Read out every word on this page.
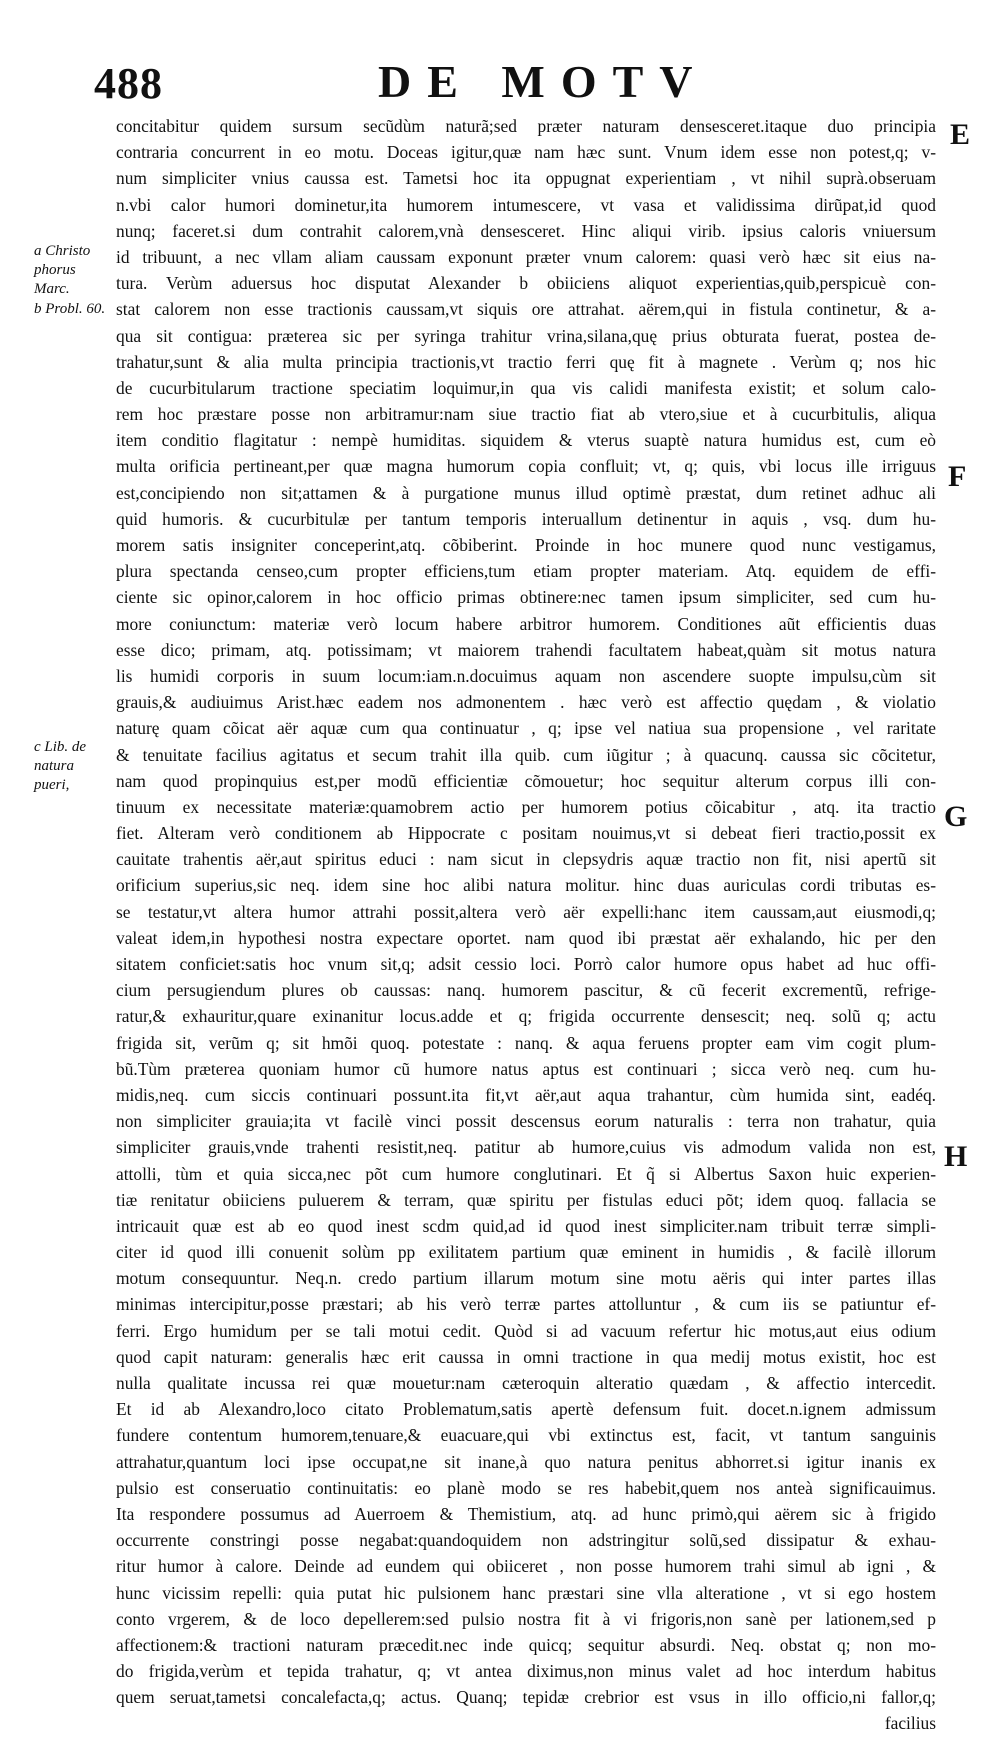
488	DE MOTV
a Christo phorus Marc.
b Probl. 60.
c Lib. de natura pueri,
E
F
G
H
concitabitur quidem sursum secũdùm naturã;sed præter naturam densesceret.itaque duo principia
contraria concurrent in eo motu. Doceas igitur,quæ nam hæc sunt. Vnum idem esse non potest,q; v-
num simpliciter vnius caussa est. Tametsi hoc ita oppugnat experientiam , vt nihil suprà.obseruam
n.vbi calor humori dominetur,ita humorem intumescere, vt vasa et validissima dirũpat,id quod
nunq; faceret.si dum contrahit calorem,vnà densesceret. Hinc aliqui virib. ipsius caloris vniuersum
id tribuunt, a nec vllam aliam caussam exponunt præter vnum calorem: quasi verò hæc sit eius na-
tura. Verùm aduersus hoc disputat Alexander b obiiciens aliquot experientias,quib,perspicuè con-
stat calorem non esse tractionis caussam,vt siquis ore attrahat. aërem,qui in fistula continetur, & a-
qua sit contigua: præterea sic per syringa trahitur vrina,silana,quę prius obturata fuerat, postea de-
trahatur,sunt & alia multa principia tractionis,vt tractio ferri quę fit à magnete . Verùm q; nos hic
de cucurbitularum tractione speciatim loquimur,in qua vis calidi manifesta existit; et solum calo-
rem hoc præstare posse non arbitramur:nam siue tractio fiat ab vtero,siue et à cucurbitulis, aliqua
item conditio flagitatur : nempè humiditas. siquidem & vterus suaptè natura humidus est, cum eò
multa orificia pertineant,per quæ magna humorum copia confluit; vt, q; quis, vbi locus ille irriguus
est,concipiendo non sit;attamen & à purgatione munus illud optimè præstat, dum retinet adhuc ali
quid humoris. & cucurbitulæ per tantum temporis interuallum detinentur in aquis , vsq. dum hu-
morem satis insigniter conceperint,atq. cõbiberint. Proinde in hoc munere quod nunc vestigamus,
plura spectanda censeo,cum propter efficiens,tum etiam propter materiam. Atq. equidem de effi-
ciente sic opinor,calorem in hoc officio primas obtinere:nec tamen ipsum simpliciter, sed cum hu-
more coniunctum: materiæ verò locum habere arbitror humorem. Conditiones aũt efficientis duas
esse dico; primam, atq. potissimam; vt maiorem trahendi facultatem habeat,quàm sit motus natura
lis humidi corporis in suum locum:iam.n.docuimus aquam non ascendere suopte impulsu,cùm sit
grauis,& audiuimus Arist.hæc eadem nos admonentem . hæc verò est affectio quędam , & violatio
naturę quam cõicat aër aquæ cum qua continuatur , q; ipse vel natiua sua propensione , vel raritate
& tenuitate facilius agitatus et secum trahit illa quib. cum iũgitur ; à quacunq. caussa sic cõcitetur,
nam quod propinquius est,per modũ efficientiæ cõmouetur; hoc sequitur alterum corpus illi con-
tinuum ex necessitate materiæ:quamobrem actio per humorem potius cõicabitur , atq. ita tractio
fiet. Alteram verò conditionem ab Hippocrate c positam nouimus,vt si debeat fieri tractio,possit ex
cauitate trahentis aër,aut spiritus educi : nam sicut in clepsydris aquæ tractio non fit, nisi apertũ sit
orificium superius,sic neq. idem sine hoc alibi natura molitur. hinc duas auriculas cordi tributas es-
se testatur,vt altera humor attrahi possit,altera verò aër expelli:hanc item caussam,aut eiusmodi,q;
valeat idem,in hypothesi nostra expectare oportet. nam quod ibi præstat aër exhalando, hic per den
sitatem conficiet:satis hoc vnum sit,q; adsit cessio loci. Porrò calor humore opus habet ad huc offi-
cium persugiendum plures ob caussas: nanq. humorem pascitur, & cũ fecerit excrementũ, refrige-
ratur,& exhauritur,quare exinanitur locus.adde et q; frigida occurrente densescit; neq. solũ q; actu
frigida sit, verũm q; sit hmõi quoq. potestate : nanq. & aqua feruens propter eam vim cogit plum-
bũ.Tùm præterea quoniam humor cũ humore natus aptus est continuari ; sicca verò neq. cum hu-
midis,neq. cum siccis continuari possunt.ita fit,vt aër,aut aqua trahantur, cùm humida sint, eadéq.
non simpliciter grauia;ita vt facilè vinci possit descensus eorum naturalis : terra non trahatur, quia
simpliciter grauis,vnde trahenti resistit,neq. patitur ab humore,cuius vis admodum valida non est,
attolli, tùm et quia sicca,nec põt cum humore conglutinari. Et q̃ si Albertus Saxon huic experien-
tiæ renitatur obiiciens puluerem & terram, quæ spiritu per fistulas educi põt; idem quoq. fallacia se
intricauit quæ est ab eo quod inest scdm quid,ad id quod inest simpliciter.nam tribuit terræ simpli-
citer id quod illi conuenit solùm pp exilitatem partium quæ eminent in humidis , & facilè illorum
motum consequuntur. Neq.n. credo partium illarum motum sine motu aëris qui inter partes illas
minimas intercipitur,posse præstari; ab his verò terræ partes attolluntur , & cum iis se patiuntur ef-
ferri. Ergo humidum per se tali motui cedit. Quòd si ad vacuum refertur hic motus,aut eius odium
quod capit naturam: generalis hæc erit caussa in omni tractione in qua medij motus existit, hoc est
nulla qualitate incussa rei quæ mouetur:nam cæteroquin alteratio quædam , & affectio intercedit.
Et id ab Alexandro,loco citato Problematum,satis apertè defensum fuit. docet.n.ignem admissum
fundere contentum humorem,tenuare,& euacuare,qui vbi extinctus est, facit, vt tantum sanguinis
attrahatur,quantum loci ipse occupat,ne sit inane,à quo natura penitus abhorret.si igitur inanis ex
pulsio est conseruatio continuitatis: eo planè modo se res habebit,quem nos anteà significauimus.
Ita respondere possumus ad Auerroem & Themistium, atq. ad hunc primò,qui aërem sic à frigido
occurrente constringi posse negabat:quandoquidem non adstringitur solũ,sed dissipatur & exhau-
ritur humor à calore. Deinde ad eundem qui obiiceret , non posse humorem trahi simul ab igni , &
hunc vicissim repelli: quia putat hic pulsionem hanc præstari sine vlla alteratione , vt si ego hostem
conto vrgerem, & de loco depellerem:sed pulsio nostra fit à vi frigoris,non sanè per lationem,sed p
affectionem:& tractioni naturam præcedit.nec inde quicq; sequitur absurdi. Neq. obstat q; non mo-
do frigida,verùm et tepida trahatur, q; vt antea diximus,non minus valet ad hoc interdum habitus
quem seruat,tametsi concalefacta,q; actus. Quanq; tepidæ crebrior est vsus in illo officio,ni fallor,q;
facilius
